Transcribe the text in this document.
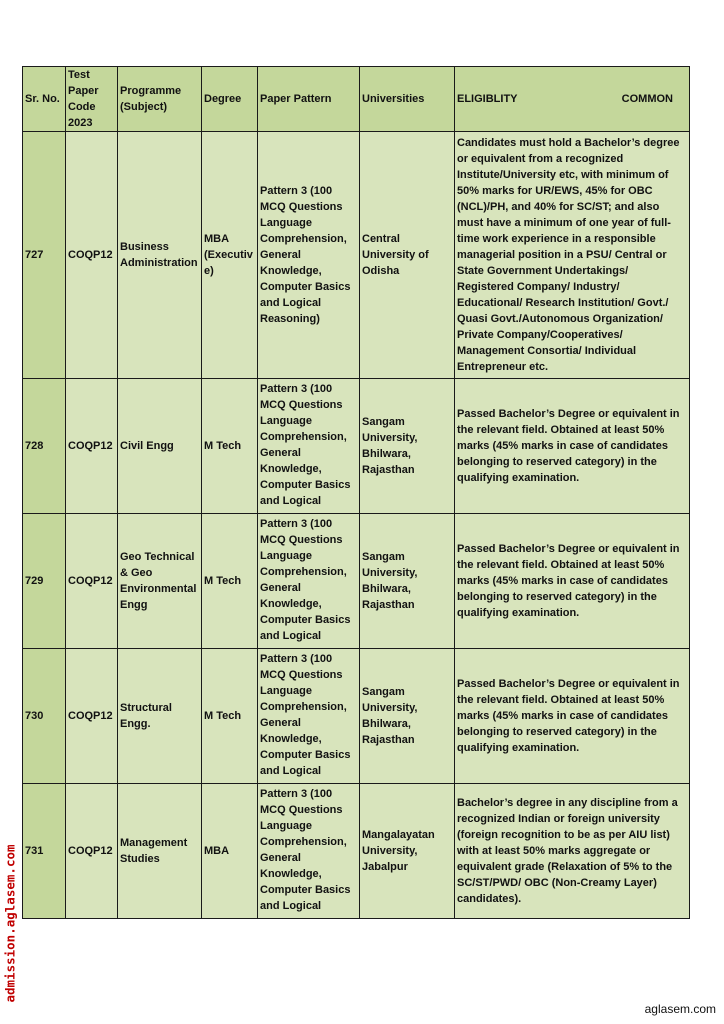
Sr. No.	Test Paper Code 2023	Programme (Subject)	Degree	Paper Pattern	Universities	ELIGIBLITY COMMON

727	COQP12	Business Administration	MBA (Executive)	Pattern 3 (100 MCQ Questions Language Comprehension, General Knowledge, Computer Basics and Logical Reasoning)	Central University of Odisha	Candidates must hold a Bachelor’s degree or equivalent from a recognized Institute/University etc, with minimum of 50% marks for UR/EWS, 45% for OBC (NCL)/PH, and 40% for SC/ST; and also must have a minimum of one year of full-time work experience in a responsible managerial position in a PSU/ Central or State Government Undertakings/ Registered Company/ Industry/ Educational/ Research Institution/ Govt./ Quasi Govt./Autonomous Organization/ Private Company/Cooperatives/ Management Consortia/ Individual Entrepreneur etc.
728	COQP12	Civil Engg	M Tech	Pattern 3 (100 MCQ Questions Language Comprehension, General Knowledge, Computer Basics and Logical	Sangam University, Bhilwara, Rajasthan	Passed Bachelor’s Degree or equivalent in the relevant field. Obtained at least 50% marks (45% marks in case of candidates belonging to reserved category) in the qualifying examination.
729	COQP12	Geo Technical & Geo Environmental Engg	M Tech	Pattern 3 (100 MCQ Questions Language Comprehension, General Knowledge, Computer Basics and Logical	Sangam University, Bhilwara, Rajasthan	Passed Bachelor’s Degree or equivalent in the relevant field. Obtained at least 50% marks (45% marks in case of candidates belonging to reserved category) in the qualifying examination.
730	COQP12	Structural Engg.	M Tech	Pattern 3 (100 MCQ Questions Language Comprehension, General Knowledge, Computer Basics and Logical	Sangam University, Bhilwara, Rajasthan	Passed Bachelor’s Degree or equivalent in the relevant field. Obtained at least 50% marks (45% marks in case of candidates belonging to reserved category) in the qualifying examination.
731	COQP12	Management Studies	MBA	Pattern 3 (100 MCQ Questions Language Comprehension, General Knowledge, Computer Basics and Logical	Mangalayatan University, Jabalpur	Bachelor’s degree in any discipline from a recognized Indian or foreign university (foreign recognition to be as per AIU list) with at least 50% marks aggregate or equivalent grade (Relaxation of 5% to the SC/ST/PWD/ OBC (Non-Creamy Layer) candidates).
admission.aglasem.com
aglasem.com
